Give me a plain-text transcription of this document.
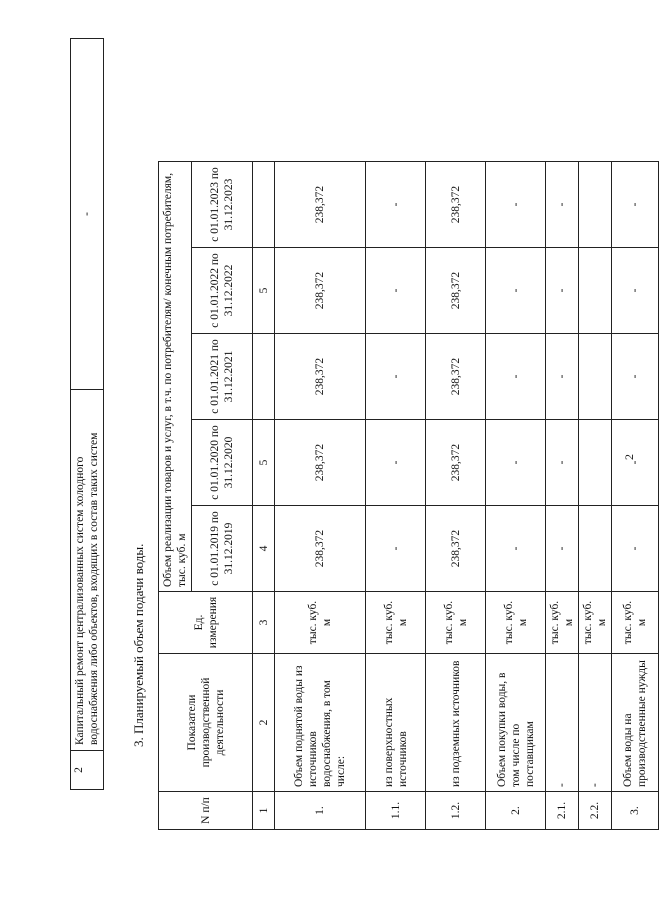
2
2	Капитальный ремонт централизованных систем холодного водоснабжения либо объектов, входящих в состав таких систем	-
3. Планируемый объем подачи воды.
N п/п	Показатели производственной деятельности	Ед. измерения	Объем реализации товаров и услуг, в т.ч. по потребителям/ конечным потребителям, тыс. куб. м				
			с 01.01.2019 по 31.12.2019	с 01.01.2020 по 31.12.2020	с 01.01.2021 по 31.12.2021	с 01.01.2022 по 31.12.2022	с 01.01.2023 по 31.12.2023
1	2	3	4	5		5	
1.	Объем поднятой воды из источников водоснабжения, в том числе:	тыс. куб. м	238,372	238,372	238,372	238,372	238,372
1.1.	из поверхностных источников	тыс. куб. м	-	-	-	-	-
1.2.	из подземных источников	тыс. куб. м	238,372	238,372	238,372	238,372	238,372
2.	Объем покупки воды, в том числе по поставщикам	тыс. куб. м	-	-	-	-	-
2.1.	-	тыс. куб. м	-	-	-	-	-
2.2.	-	тыс. куб. м					
3.	Объем воды на производственные нужды	тыс. куб. м	-	-	-	-	-
